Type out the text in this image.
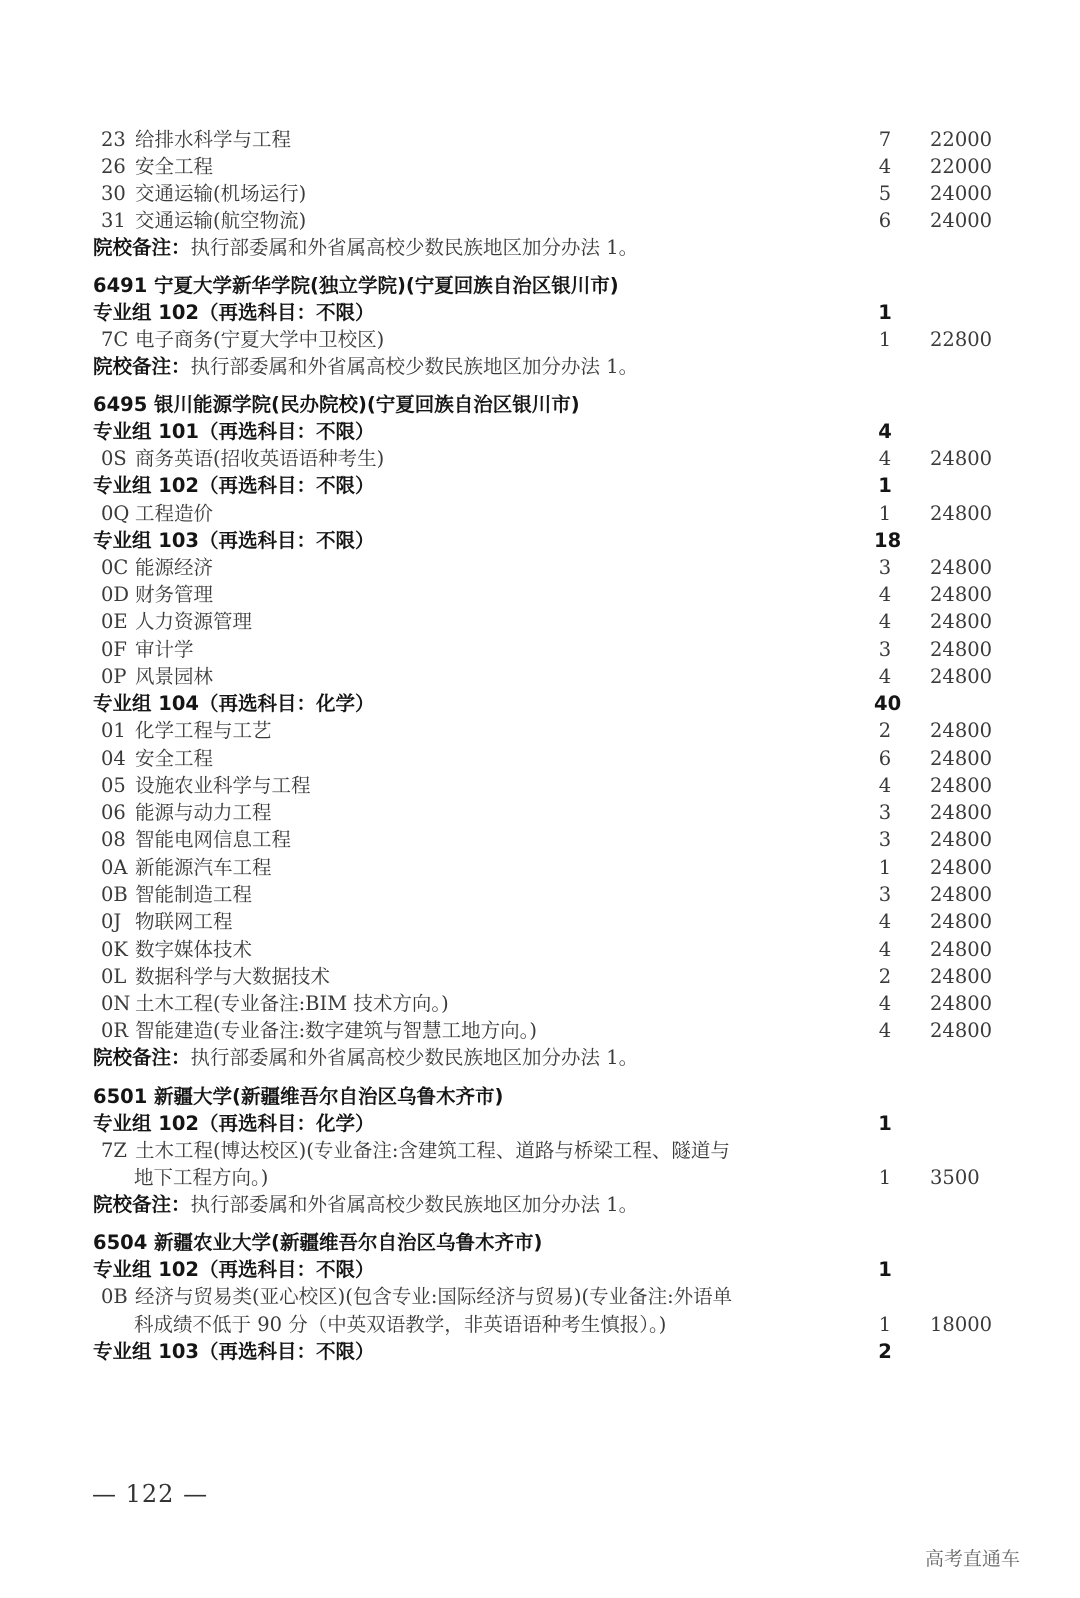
23 给排水科学与工程	7 22000
26 安全工程	4 22000
30 交通运输(机场运行)	5 24000
31 交通运输(航空物流)	6 24000
院校备注：执行部委属和外省属高校少数民族地区加分办法 1。
6491 宁夏大学新华学院(独立学院)(宁夏回族自治区银川市)
专业组 102（再选科目：不限）	1
7C 电子商务(宁夏大学中卫校区)	1 22800
院校备注：执行部委属和外省属高校少数民族地区加分办法 1。
6495 银川能源学院(民办院校)(宁夏回族自治区银川市)
专业组 101（再选科目：不限）	4
0S 商务英语(招收英语语种考生)	4 24800
专业组 102（再选科目：不限）	1
0Q 工程造价	1 24800
专业组 103（再选科目：不限）	18
0C 能源经济	3 24800
0D 财务管理	4 24800
0E 人力资源管理	4 24800
0F 审计学	3 24800
0P 风景园林	4 24800
专业组 104（再选科目：化学）	40
01 化学工程与工艺	2 24800
04 安全工程	6 24800
05 设施农业科学与工程	4 24800
06 能源与动力工程	3 24800
08 智能电网信息工程	3 24800
0A 新能源汽车工程	1 24800
0B 智能制造工程	3 24800
0J 物联网工程	4 24800
0K 数字媒体技术	4 24800
0L 数据科学与大数据技术	2 24800
0N 土木工程(专业备注:BIM 技术方向。)	4 24800
0R 智能建造(专业备注:数字建筑与智慧工地方向。)	4 24800
院校备注：执行部委属和外省属高校少数民族地区加分办法 1。
6501 新疆大学(新疆维吾尔自治区乌鲁木齐市)
专业组 102（再选科目：化学）	1
7Z 土木工程(博达校区)(专业备注:含建筑工程、道路与桥梁工程、隧道与
地下工程方向。)	1 3500
院校备注：执行部委属和外省属高校少数民族地区加分办法 1。
6504 新疆农业大学(新疆维吾尔自治区乌鲁木齐市)
专业组 102（再选科目：不限）	1
0B 经济与贸易类(亚心校区)(包含专业:国际经济与贸易)(专业备注:外语单
科成绩不低于 90 分（中英双语教学，非英语语种考生慎报）。)	1 18000
专业组 103（再选科目：不限）	2
— 122 —
高考直通车
